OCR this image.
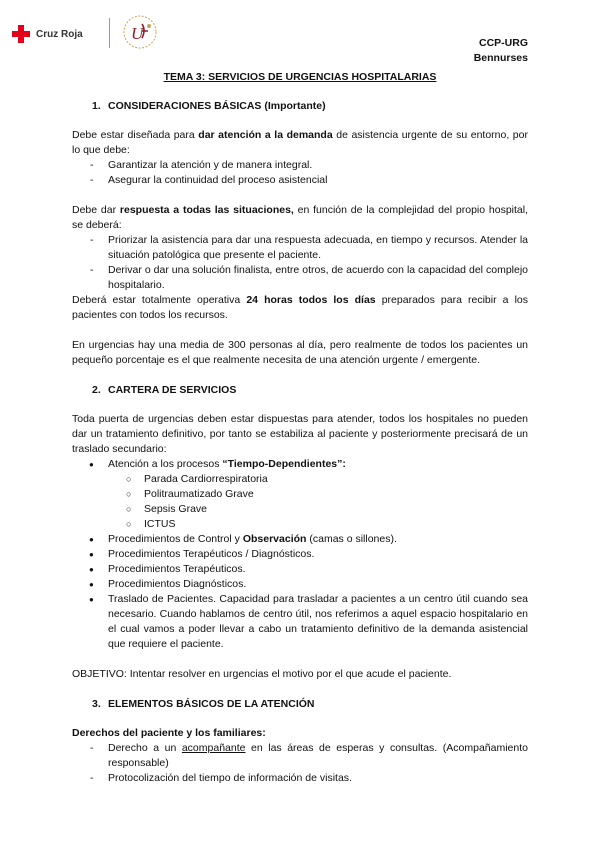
Cruz Roja	U	CCP-URG
Bennurses
TEMA 3: SERVICIOS DE URGENCIAS HOSPITALARIAS
1. CONSIDERACIONES BÁSICAS (Importante)

Debe estar diseñada para dar atención a la demanda de asistencia urgente de su entorno, por lo que debe:

- Garantizar la atención y de manera integral.
- Asegurar la continuidad del proceso asistencial

Debe dar respuesta a todas las situaciones, en función de la complejidad del propio hospital, se deberá:

- Priorizar la asistencia para dar una respuesta adecuada, en tiempo y recursos. Atender la situación patológica que presente el paciente.
- Derivar o dar una solución finalista, entre otros, de acuerdo con la capacidad del complejo hospitalario.

Deberá estar totalmente operativa 24 horas todos los días preparados para recibir a los pacientes con todos los recursos.

En urgencias hay una media de 300 personas al día, pero realmente de todos los pacientes un pequeño porcentaje es el que realmente necesita de una atención urgente / emergente.

2. CARTERA DE SERVICIOS

Toda puerta de urgencias deben estar dispuestas para atender, todos los hospitales no pueden dar un tratamiento definitivo, por tanto se estabiliza al paciente y posteriormente precisará de un traslado secundario:

● Atención a los procesos “Tiempo-Dependientes”:
○ Parada Cardiorrespiratoria
○ Politraumatizado Grave
○ Sepsis Grave
○ ICTUS
● Procedimientos de Control y Observación (camas o sillones).
● Procedimientos Terapéuticos / Diagnósticos.
● Procedimientos Terapéuticos.
● Procedimientos Diagnósticos.
● Traslado de Pacientes. Capacidad para trasladar a pacientes a un centro útil cuando sea necesario. Cuando hablamos de centro útil, nos referimos a aquel espacio hospitalario en el cual vamos a poder llevar a cabo un tratamiento definitivo de la demanda asistencial que requiere el paciente.

OBJETIVO: Intentar resolver en urgencias el motivo por el que acude el paciente.

3. ELEMENTOS BÁSICOS DE LA ATENCIÓN

Derechos del paciente y los familiares:

- Derecho a un acompañante en las áreas de esperas y consultas. (Acompañamiento responsable)
- Protocolización del tiempo de información de visitas.
